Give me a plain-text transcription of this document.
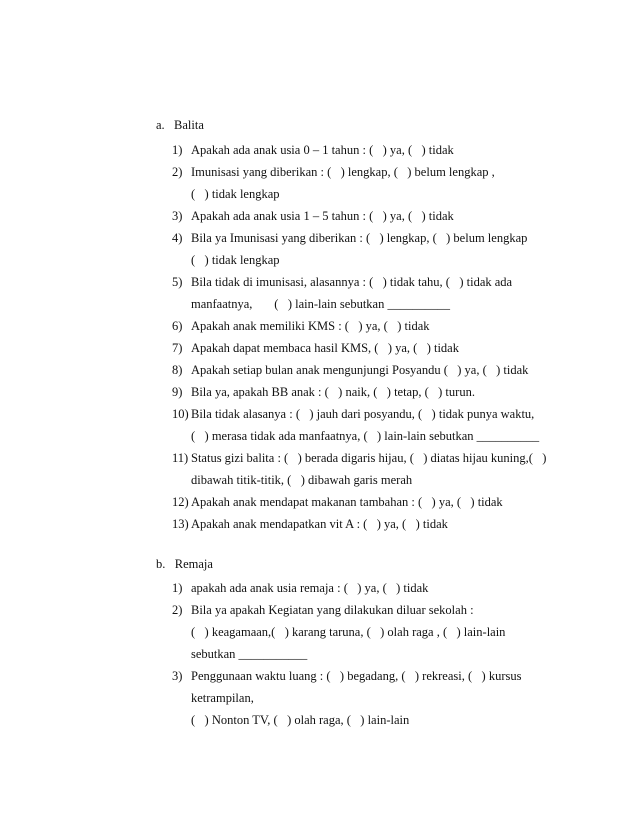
a.   Balita
1) Apakah ada anak usia 0 – 1 tahun : (   ) ya, (   ) tidak
2) Imunisasi yang diberikan : (   ) lengkap, (   ) belum lengkap ,
(   ) tidak lengkap
3) Apakah ada anak usia 1 – 5 tahun : (   ) ya, (   ) tidak
4) Bila ya Imunisasi yang diberikan : (   ) lengkap, (   ) belum lengkap
(   ) tidak lengkap
5) Bila tidak di imunisasi, alasannya : (   ) tidak tahu, (   ) tidak ada
manfaatnya,       (   ) lain-lain sebutkan __________
6) Apakah anak memiliki KMS : (   ) ya, (   ) tidak
7) Apakah dapat membaca hasil KMS, (   ) ya, (   ) tidak
8) Apakah setiap bulan anak mengunjungi Posyandu (   ) ya, (   ) tidak
9) Bila ya, apakah BB anak : (   ) naik, (   ) tetap, (   ) turun.
10) Bila tidak alasanya : (   ) jauh dari posyandu, (   ) tidak punya waktu,
(   ) merasa tidak ada manfaatnya, (   ) lain-lain sebutkan __________
11) Status gizi balita : (   ) berada digaris hijau, (   ) diatas hijau kuning,(   )
dibawah titik-titik, (   ) dibawah garis merah
12) Apakah anak mendapat makanan tambahan : (   ) ya, (   ) tidak
13) Apakah anak mendapatkan vit A : (   ) ya, (   ) tidak
b.   Remaja
1) apakah ada anak usia remaja : (   ) ya, (   ) tidak
2) Bila ya apakah Kegiatan yang dilakukan diluar sekolah :
(   ) keagamaan,(   ) karang taruna, (   ) olah raga , (   ) lain-lain
sebutkan ___________
3) Penggunaan waktu luang : (   ) begadang, (   ) rekreasi, (   ) kursus
ketrampilan,
(   ) Nonton TV, (   ) olah raga, (   ) lain-lain
